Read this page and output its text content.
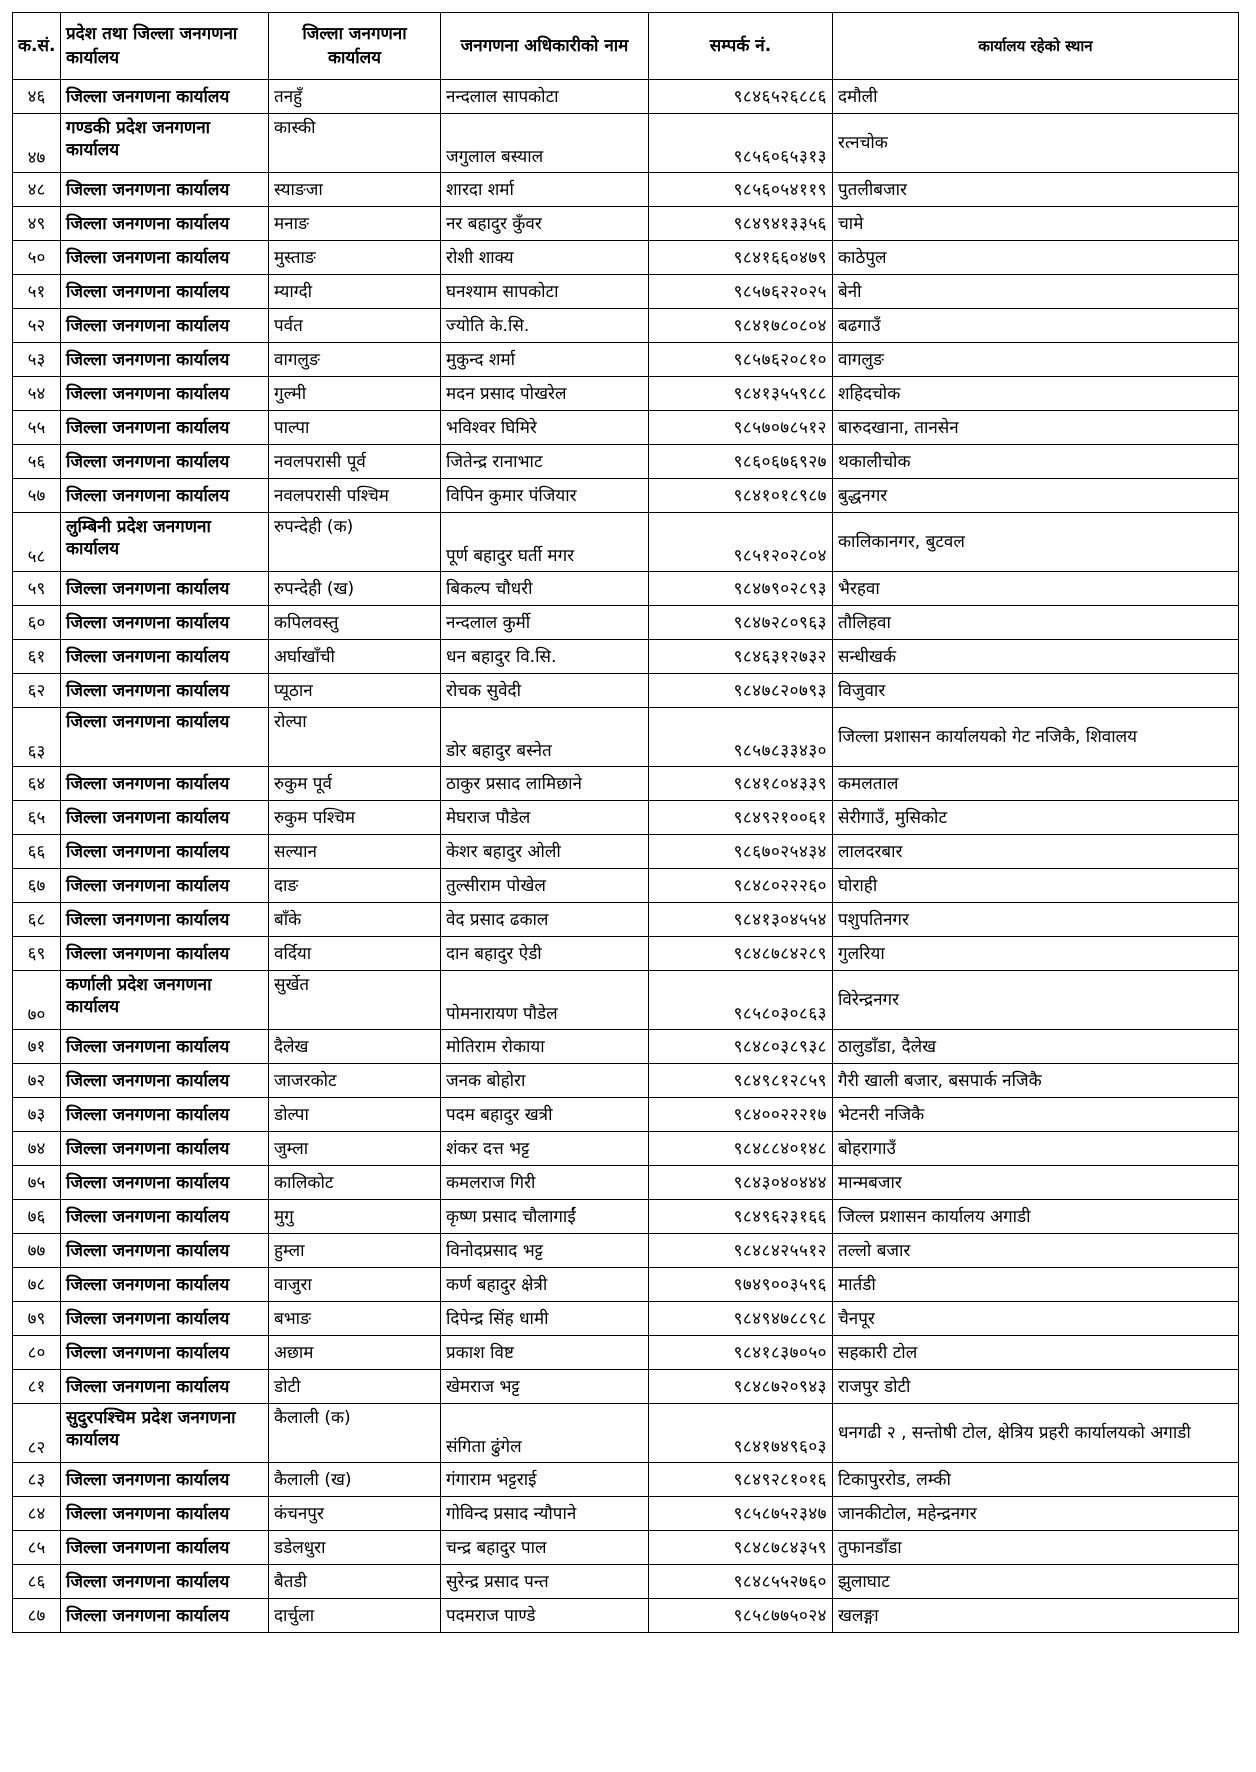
क.सं.	प्रदेश तथा जिल्ला जनगणना कार्यालय	जिल्ला जनगणना कार्यालय	जनगणना अधिकारीको नाम	सम्पर्क नं.	कार्यालय रहेको स्थान
४६	जिल्ला जनगणना कार्यालय	तनहुँ	नन्दलाल सापकोटा	९८४६५२६८८६	दमौली
४७	गण्डकी प्रदेश जनगणना कार्यालय	कास्की	जगुलाल बस्याल	९८५६०६५३१३	रत्नचोक
४८	जिल्ला जनगणना कार्यालय	स्याङजा	शारदा शर्मा	९८५६०५४११९	पुतलीबजार
४९	जिल्ला जनगणना कार्यालय	मनाङ	नर बहादुर कुँवर	९८४९४१३३५६	चामे
५०	जिल्ला जनगणना कार्यालय	मुस्ताङ	रोशी शाक्य	९८४१६६०४७९	काठेपुल
५१	जिल्ला जनगणना कार्यालय	म्याग्दी	घनश्याम सापकोटा	९८५७६२२०२५	बेनी
५२	जिल्ला जनगणना कार्यालय	पर्वत	ज्योति के.सि.	९८४१७८०८०४	बढगाउँ
५३	जिल्ला जनगणना कार्यालय	वागलुङ	मुकुन्द शर्मा	९८५७६२०८१०	वागलुङ
५४	जिल्ला जनगणना कार्यालय	गुल्मी	मदन प्रसाद पोखरेल	९८४१३५५९८८	शहिदचोक
५५	जिल्ला जनगणना कार्यालय	पाल्पा	भविश्वर घिमिरे	९८५७०७८५१२	बारुदखाना, तानसेन
५६	जिल्ला जनगणना कार्यालय	नवलपरासी पूर्व	जितेन्द्र रानाभाट	९८६०६७६९२७	थकालीचोक
५७	जिल्ला जनगणना कार्यालय	नवलपरासी पश्चिम	विपिन कुमार पंजियार	९८४१०१८९८७	बुद्धनगर
५८	लुम्बिनी प्रदेश जनगणना कार्यालय	रुपन्देही (क)	पूर्ण बहादुर घर्ती मगर	९८५१२०२८०४	कालिकानगर, बुटवल
५९	जिल्ला जनगणना कार्यालय	रुपन्देही (ख)	बिकल्प चौधरी	९८४७९०२८९३	भैरहवा
६०	जिल्ला जनगणना कार्यालय	कपिलवस्तु	नन्दलाल कुर्मी	९८४७२८०९६३	तौलिहवा
६१	जिल्ला जनगणना कार्यालय	अर्घाखाँची	धन बहादुर वि.सि.	९८४६३१२७३२	सन्धीखर्क
६२	जिल्ला जनगणना कार्यालय	प्यूठान	रोचक सुवेदी	९८४७८२०७९३	विजुवार
६३	जिल्ला जनगणना कार्यालय	रोल्पा	डोर बहादुर बस्नेत	९८५७८३३४३०	जिल्ला प्रशासन कार्यालयको गेट नजिकै, शिवालय
६४	जिल्ला जनगणना कार्यालय	रुकुम पूर्व	ठाकुर प्रसाद लामिछाने	९८४१८०४३३९	कमलताल
६५	जिल्ला जनगणना कार्यालय	रुकुम पश्चिम	मेघराज पौडेल	९८४९२१००६१	सेरीगाउँ, मुसिकोट
६६	जिल्ला जनगणना कार्यालय	सल्यान	केशर बहादुर ओली	९८६७०२५४३४	लालदरबार
६७	जिल्ला जनगणना कार्यालय	दाङ	तुल्सीराम पोखेल	९८४८०२२२६०	घोराही
६८	जिल्ला जनगणना कार्यालय	बाँके	वेद प्रसाद ढकाल	९८४१३०४५५४	पशुपतिनगर
६९	जिल्ला जनगणना कार्यालय	वर्दिया	दान बहादुर ऐडी	९८४८७८४२८९	गुलरिया
७०	कर्णाली प्रदेश जनगणना कार्यालय	सुर्खेत	पोमनारायण पौडेल	९८५८०३०८६३	विरेन्द्रनगर
७१	जिल्ला जनगणना कार्यालय	दैलेख	मोतिराम रोकाया	९८४८०३८९३८	ठालुडाँडा, दैलेख
७२	जिल्ला जनगणना कार्यालय	जाजरकोट	जनक बोहोरा	९८४९८१२८५९	गैरी खाली बजार, बसपार्क नजिकै
७३	जिल्ला जनगणना कार्यालय	डोल्पा	पदम बहादुर खत्री	९८४००२२२१७	भेटनरी नजिकै
७४	जिल्ला जनगणना कार्यालय	जुम्ला	शंकर दत्त भट्ट	९८४८८४०१४८	बोहरागाउँ
७५	जिल्ला जनगणना कार्यालय	कालिकोट	कमलराज गिरी	९८४३०४०४४४	मान्मबजार
७६	जिल्ला जनगणना कार्यालय	मुगु	कृष्ण प्रसाद चौलागाईं	९८४९६२३१६६	जिल्ल प्रशासन कार्यालय अगाडी
७७	जिल्ला जनगणना कार्यालय	हुम्ला	विनोदप्रसाद भट्ट	९८४८४२५५१२	तल्लो बजार
७८	जिल्ला जनगणना कार्यालय	वाजुरा	कर्ण बहादुर क्षेत्री	९७४९००३५९६	मार्तडी
७९	जिल्ला जनगणना कार्यालय	बभाङ	दिपेन्द्र सिंह धामी	९८४९४७८८९८	चैनपूर
८०	जिल्ला जनगणना कार्यालय	अछाम	प्रकाश विष्ट	९८४१८३७०५०	सहकारी टोल
८१	जिल्ला जनगणना कार्यालय	डोटी	खेमराज भट्ट	९८४८७२०९४३	राजपुर डोटी
८२	सुदुरपश्चिम प्रदेश जनगणना कार्यालय	कैलाली (क)	संगिता ढुंगेल	९८४१७४९६०३	धनगढी २ , सन्तोषी टोल, क्षेत्रिय प्रहरी कार्यालयको अगाडी
८३	जिल्ला जनगणना कार्यालय	कैलाली (ख)	गंगाराम भट्टराई	९८४९२८१०१६	टिकापुररोड, लम्की
८४	जिल्ला जनगणना कार्यालय	कंचनपुर	गोविन्द प्रसाद न्यौपाने	९८५८७५२३४७	जानकीटोल, महेन्द्रनगर
८५	जिल्ला जनगणना कार्यालय	डडेलधुरा	चन्द्र बहादुर पाल	९८४८७८४३५९	तुफानडाँडा
८६	जिल्ला जनगणना कार्यालय	बैतडी	सुरेन्द्र प्रसाद पन्त	९८४८५५२७६०	झुलाघाट
८७	जिल्ला जनगणना कार्यालय	दार्चुला	पदमराज पाण्डे	९८५८७७५०२४	खलङ्गा
